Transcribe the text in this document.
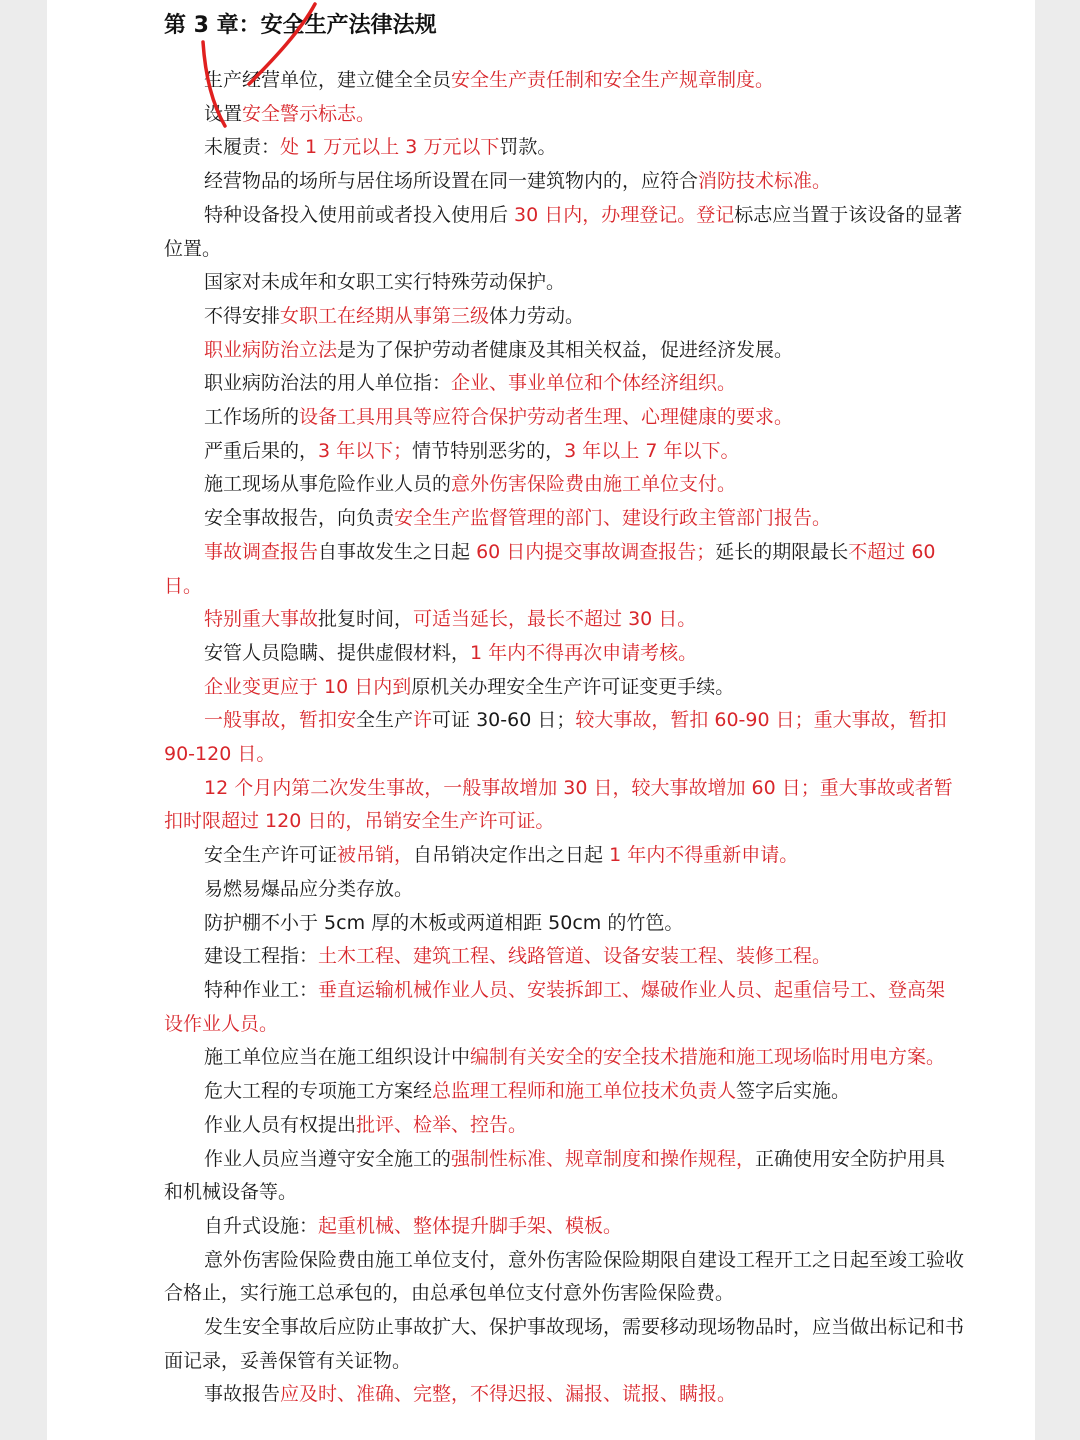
第 3 章：安全生产法律法规

生产经营单位，建立健全全员安全生产责任制和安全生产规章制度。

设置安全警示标志。

未履责：处 1 万元以上 3 万元以下罚款。

经营物品的场所与居住场所设置在同一建筑物内的，应符合消防技术标准。

特种设备投入使用前或者投入使用后 30 日内，办理登记。登记标志应当置于该设备的显著位置。

国家对未成年和女职工实行特殊劳动保护。

不得安排女职工在经期从事第三级体力劳动。

职业病防治立法是为了保护劳动者健康及其相关权益，促进经济发展。

职业病防治法的用人单位指：企业、事业单位和个体经济组织。

工作场所的设备工具用具等应符合保护劳动者生理、心理健康的要求。

严重后果的，3 年以下；情节特别恶劣的，3 年以上 7 年以下。

施工现场从事危险作业人员的意外伤害保险费由施工单位支付。

安全事故报告，向负责安全生产监督管理的部门、建设行政主管部门报告。

事故调查报告自事故发生之日起 60 日内提交事故调查报告；延长的期限最长不超过 60 日。

特别重大事故批复时间，可适当延长，最长不超过 30 日。

安管人员隐瞒、提供虚假材料，1 年内不得再次申请考核。

企业变更应于 10 日内到原机关办理安全生产许可证变更手续。

一般事故，暂扣安全生产许可证 30-60 日；较大事故，暂扣 60-90 日；重大事故，暂扣 90-120 日。

12 个月内第二次发生事故，一般事故增加 30 日，较大事故增加 60 日；重大事故或者暂扣时限超过 120 日的，吊销安全生产许可证。

安全生产许可证被吊销，自吊销决定作出之日起 1 年内不得重新申请。

易燃易爆品应分类存放。

防护棚不小于 5cm 厚的木板或两道相距 50cm 的竹笆。

建设工程指：土木工程、建筑工程、线路管道、设备安装工程、装修工程。

特种作业工：垂直运输机械作业人员、安装拆卸工、爆破作业人员、起重信号工、登高架设作业人员。

施工单位应当在施工组织设计中编制有关安全的安全技术措施和施工现场临时用电方案。

危大工程的专项施工方案经总监理工程师和施工单位技术负责人签字后实施。

作业人员有权提出批评、检举、控告。

作业人员应当遵守安全施工的强制性标准、规章制度和操作规程，正确使用安全防护用具和机械设备等。

自升式设施：起重机械、整体提升脚手架、模板。

意外伤害险保险费由施工单位支付，意外伤害险保险期限自建设工程开工之日起至竣工验收合格止，实行施工总承包的，由总承包单位支付意外伤害险保险费。

发生安全事故后应防止事故扩大、保护事故现场，需要移动现场物品时，应当做出标记和书面记录，妥善保管有关证物。

事故报告应及时、准确、完整，不得迟报、漏报、谎报、瞒报。
